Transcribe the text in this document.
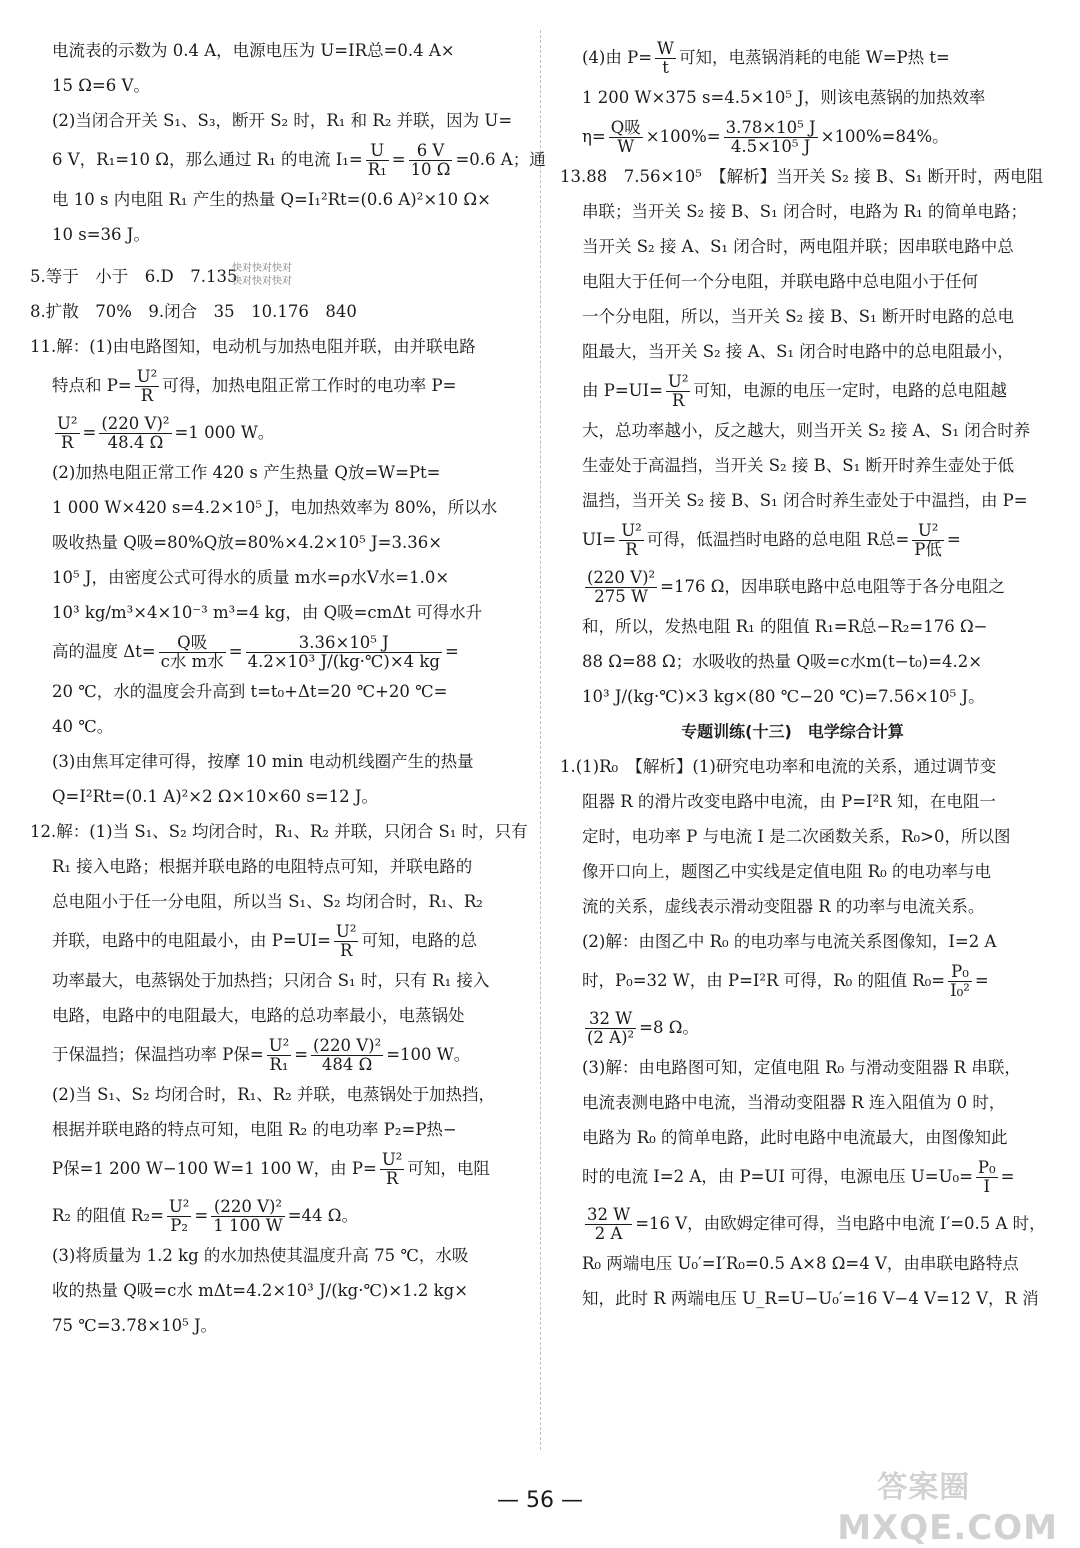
电流表的示数为 0.4 A，电源电压为 U=IR总=0.4 A×
15 Ω=6 V。
(2)当闭合开关 S₁、S₃，断开 S₂ 时，R₁ 和 R₂ 并联，因为 U=
6 V，R₁=10 Ω，那么通过 R₁ 的电流 $I_1= \frac{U}{\text{R₁}} = \frac{6 V}{10 \Omega} =0.6$ A；通
电 10 s 内电阻 R₁ 产生的热量 Q=I₁²Rt=(0.6 A)²×10 Ω×
10 s=36 J。
5.等于　小于　6.D　7.135
8.扩散　70%　9.闭合　35　10.176　840
11.解：(1)由电路图知，电动机与加热电阻并联，由并联电路
特点和 $P= \frac{\text{U²}}{R}$ 可得，加热电阻正常工作时的电功率 P=
$\frac{\text{U²}}{R} = \frac{\text{(220 V)²}}{48.4 \Omega} =1$ 000 W。
(2)加热电阻正常工作 420 s 产生热量 Q放=W=Pt=
1 000 W×420 s=4.2×10⁵ J，电加热效率为 80%，所以水
吸收热量 Q吸=80%Q放=80%×4.2×10⁵ J=3.36×
10⁵ J，由密度公式可得水的质量 m水=ρ水V水=1.0×
10³ kg/m³×4×10⁻³ m³=4 kg，由 Q吸=cmΔt 可得水升
高的温度 Δt=	Q吸
c水 m水
= $\frac{\text{3.36×10⁵ J}}{\text{4.2×10³ J/(kg·℃)×4 kg}}$ =
20 ℃，水的温度会升高到 t=t₀+Δt=20 ℃+20 ℃=
40 ℃。
(3)由焦耳定律可得，按摩 10 min 电动机线圈产生的热量
Q=I²Rt=(0.1 A)²×2 Ω×10×60 s=12 J。
12.解：(1)当 S₁、S₂ 均闭合时，R₁、R₂ 并联，只闭合 S₁ 时，只有
R₁ 接入电路；根据并联电路的电阻特点可知，并联电路的
总电阻小于任一分电阻，所以当 S₁、S₂ 均闭合时，R₁、R₂
并联，电路中的电阻最小，由 $P=UI= \frac{\text{U²}}{R}$ 可知，电路的总
功率最大，电蒸锅处于加热挡；只闭合 S₁ 时，只有 R₁ 接入
电路，电路中的电阻最大，电路的总功率最小，电蒸锅处
于保温挡；保温挡功率 P保= $\frac{\text{U²}}{\text{R₁}} = \frac{\text{(220 V)²}}{484 \Omega} =100$ W。
(2)当 S₁、S₂ 均闭合时，R₁、R₂ 并联，电蒸锅处于加热挡，
根据并联电路的特点可知，电阻 R₂ 的电功率 P₂=P热−
P保=1 200 W−100 W=1 100 W，由 $P= \frac{\text{U²}}{R}$ 可知，电阻
R₂ 的阻值 $R_2= \frac{\text{U²}}{\text{P₂}} = \frac{\text{(220 V)²}}{1 100 W} =44$ Ω。
(3)将质量为 1.2 kg 的水加热使其温度升高 75 ℃，水吸
收的热量 Q吸=c水 mΔt=4.2×10³ J/(kg·℃)×1.2 kg×
75 ℃=3.78×10⁵ J。
(4)由 $P= \frac{W}{t}$ 可知，电蒸锅消耗的电能 W=P热 t=
1 200 W×375 s=4.5×10⁵ J，则该电蒸锅的加热效率
η= Q吸
W
$\times 100\%= \frac{\text{3.78×10⁵ J}}{\text{4.5×10⁵ J}} \times 100\%=84\%$。
13.88　7.56×10⁵　【解析】当开关 S₂ 接 B、S₁ 断开时，两电阻
串联；当开关 S₂ 接 B、S₁ 闭合时，电路为 R₁ 的简单电路；
当开关 S₂ 接 A、S₁ 闭合时，两电阻并联；因串联电路中总
电阻大于任何一个分电阻，并联电路中总电阻小于任何
一个分电阻，所以，当开关 S₂ 接 B、S₁ 断开时电路的总电
阻最大，当开关 S₂ 接 A、S₁ 闭合时电路中的总电阻最小，
由 $P=UI= \frac{\text{U²}}{R}$ 可知，电源的电压一定时，电路的总电阻越
大，总功率越小，反之越大，则当开关 S₂ 接 A、S₁ 闭合时养
生壶处于高温挡，当开关 S₂ 接 B、S₁ 断开时养生壶处于低
温挡，当开关 S₂ 接 B、S₁ 闭合时养生壶处于中温挡，由 P=
$UI= \frac{\text{U²}}{R}$ 可得，低温挡时电路的总电阻 R总= U²
P低
=
$\frac{\text{(220 V)²}}{275 W} =176$ Ω，因串联电路中总电阻等于各分电阻之
和，所以，发热电阻 R₁ 的阻值 R₁=R总−R₂=176 Ω−
88 Ω=88 Ω；水吸收的热量 Q吸=c水m(t−t₀)=4.2×
10³ J/(kg·℃)×3 kg×(80 ℃−20 ℃)=7.56×10⁵ J。
专题训练(十三)　电学综合计算
1.(1)R₀　【解析】(1)研究电功率和电流的关系，通过调节变
阻器 R 的滑片改变电路中电流，由 P=I²R 知，在电阻一
定时，电功率 P 与电流 I 是二次函数关系，R₀>0，所以图
像开口向上，题图乙中实线是定值电阻 R₀ 的电功率与电
流的关系，虚线表示滑动变阻器 R 的功率与电流关系。
(2)解：由图乙中 R₀ 的电功率与电流关系图像知，I=2 A
时，P₀=32 W，由 P=I²R 可得，R₀ 的阻值 $R_0= \frac{\text{P₀}}{\text{I₀²}}$ =
$\frac{32 W}{\text{(2 A)²}} =8$ Ω。
(3)解：由电路图可知，定值电阻 R₀ 与滑动变阻器 R 串联，
电流表测电路中电流，当滑动变阻器 R 连入阻值为 0 时，
电路为 R₀ 的简单电路，此时电路中电流最大，由图像知此
时的电流 I=2 A，由 P=UI 可得，电源电压 $U=U_0= \frac{\text{P₀}}{I}$ =
$\frac{32 W}{2 A} =16$ V，由欧姆定律可得，当电路中电流 I′=0.5 A 时，
R₀ 两端电压 U₀′=I′R₀=0.5 A×8 Ω=4 V，由串联电路特点
知，此时 R 两端电压 U_R=U−U₀′=16 V−4 V=12 V，R 消
快对快对快对
快对快对快对
— 56 —	答案圈
MXQE.COM
